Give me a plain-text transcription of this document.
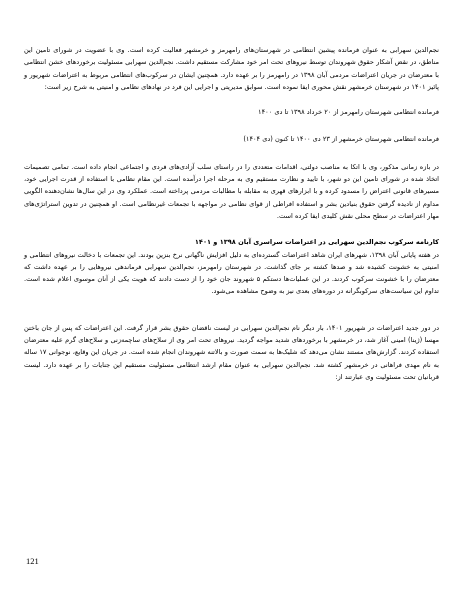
نجم‌الدین سهرابی به عنوان فرمانده پیشین انتظامی در شهرستان‌های رامهرمز و خرمشهر فعالیت کرده است. وی با عضویت در شورای تامین این مناطق، در نقض آشکار حقوق شهروندان توسط نیروهای تحت امر خود مشارکت مستقیم داشت. نجم‌الدین سهرابی مسئولیت برخوردهای خشن انتظامی با معترضان در جریان اعتراضات مردمی آبان ۱۳۹۸ در رامهرمز را بر عهده دارد. همچنین ایشان در سرکوب‌های انتظامی مربوط به اعتراضات شهریور و پائیز ۱۴۰۱ در شهرستان خرمشهر نقش محوری ایفا نموده است. سوابق مدیریتی و اجرایی این فرد در نهادهای نظامی و امنیتی به شرح زیر است:

فرمانده انتظامی شهرستان رامهرمز از ۲۰ خرداد ۱۳۹۸ تا دی ۱۴۰۰

فرمانده انتظامی شهرستان خرمشهر از ۲۳ دی ۱۴۰۰ تا کنون (دی ۱۴۰۴)

در بازه زمانی مذکور، وی با اتکا به مناصب دولتی، اقدامات متعددی را در راستای سلب آزادی‌های فردی و اجتماعی انجام داده است. تمامی تصمیمات اتخاذ شده در شورای تامین این دو شهر، با تایید و نظارت مستقیم وی به مرحله اجرا درآمده است. این مقام نظامی با استفاده از قدرت اجرایی خود، مسیرهای قانونی اعتراض را مسدود کرده و با ابزارهای قهری به مقابله با مطالبات مردمی پرداخته است. عملکرد وی در این سال‌ها نشان‌دهنده الگویی مداوم از نادیده گرفتن حقوق بنیادین بشر و استفاده افراطی از قوای نظامی در مواجهه با تجمعات غیرنظامی است. او همچنین در تدوین استراتژی‌های مهار اعتراضات در سطح محلی نقش کلیدی ایفا کرده است.

کارنامه سرکوب نجم‌الدین سهرابی در اعتراضات سراسری آبان ۱۳۹۸ و ۱۴۰۱
در هفته پایانی آبان ۱۳۹۸، شهرهای ایران شاهد اعتراضات گسترده‌ای به دلیل افزایش ناگهانی نرخ بنزین بودند. این تجمعات با دخالت نیروهای انتظامی و امنیتی به خشونت کشیده شد و صدها کشته بر جای گذاشت. در شهرستان رامهرمز، نجم‌الدین سهرابی فرماندهی نیروهایی را بر عهده داشت که معترضان را با خشونت سرکوب کردند. در این عملیات‌ها دستکم ۵ شهروند جان خود را از دست دادند که هویت یکی از آنان موسوی اعلام شده است. تداوم این سیاست‌های سرکوبگرانه در دوره‌های بعدی نیز به وضوح مشاهده می‌شود.

در دور جدید اعتراضات در شهریور ۱۴۰۱، بار دیگر نام نجم‌الدین سهرابی در لیست ناقضان حقوق بشر قرار گرفت. این اعتراضات که پس از جان باختن مهسا (ژینا) امینی آغاز شد، در خرمشهر با برخوردهای شدید مواجه گردید. نیروهای تحت امر وی از سلاح‌های ساچمه‌زنی و سلاح‌های گرم علیه معترضان استفاده کردند. گزارش‌های مستند نشان می‌دهد که شلیک‌ها به سمت صورت و بالاتنه شهروندان انجام شده است. در جریان این وقایع، نوجوانی ۱۷ ساله به نام مهدی فراهانی در خرمشهر کشته شد. نجم‌الدین سهرابی به عنوان مقام ارشد انتظامی مسئولیت مستقیم این جنایات را بر عهده دارد. لیست قربانیان تحت مسئولیت وی عبارتند از:

121
